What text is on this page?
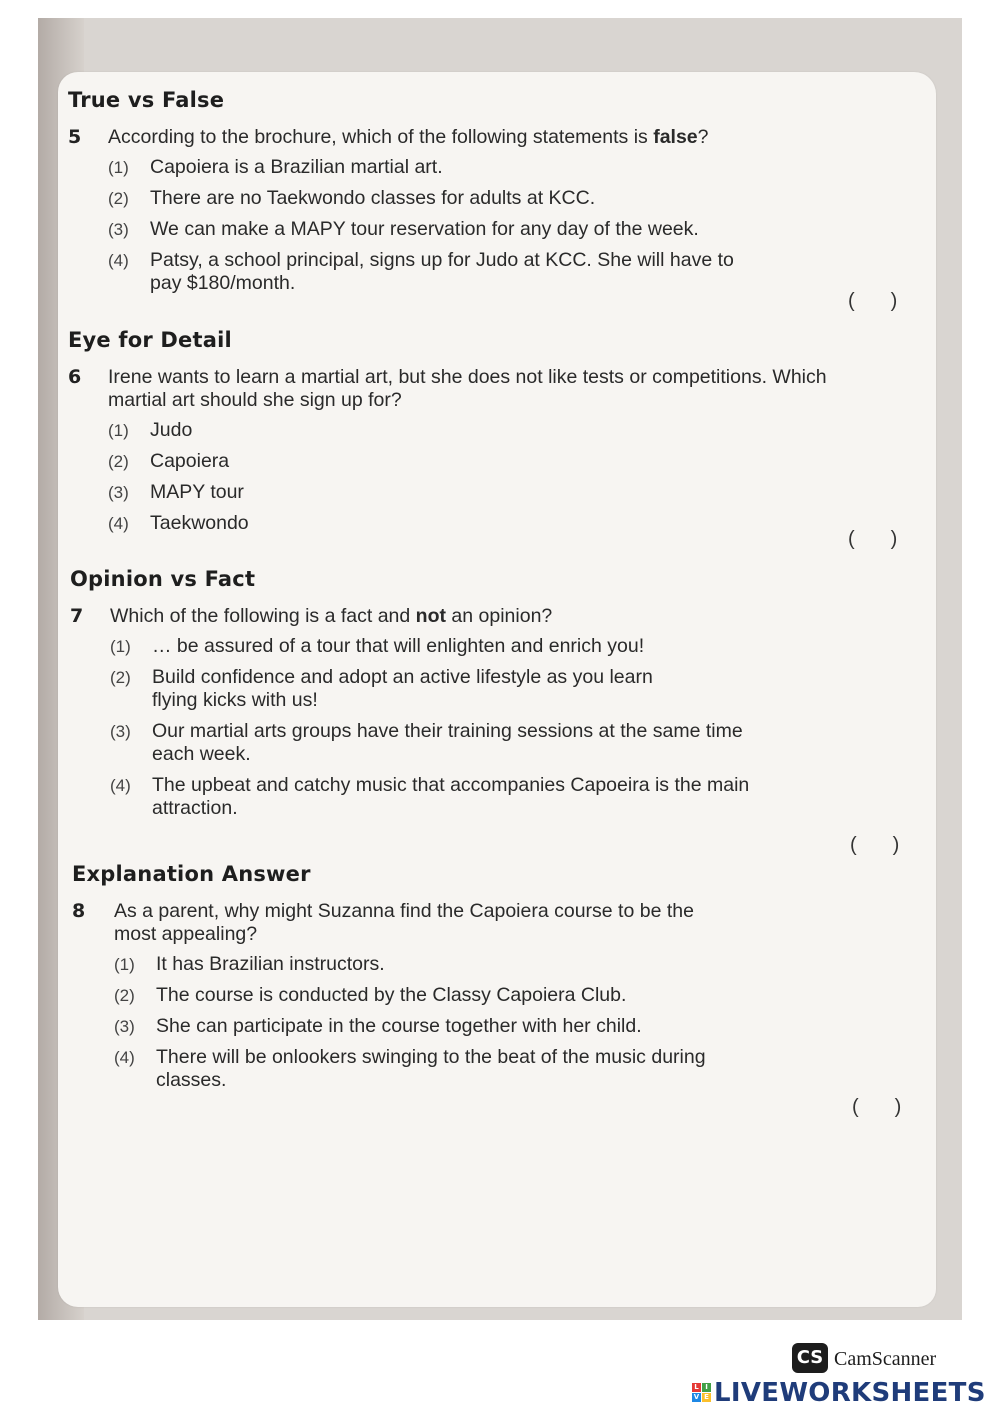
True vs False
5 According to the brochure, which of the following statements is false?
(1) Capoiera is a Brazilian martial art.
(2) There are no Taekwondo classes for adults at KCC.
(3) We can make a MAPY tour reservation for any day of the week.
(4) Patsy, a school principal, signs up for Judo at KCC. She will have to pay $180/month.
( )
Eye for Detail
6 Irene wants to learn a martial art, but she does not like tests or competitions. Which martial art should she sign up for?
(1) Judo
(2) Capoiera
(3) MAPY tour
(4) Taekwondo
( )
Opinion vs Fact
7 Which of the following is a fact and not an opinion?
(1) … be assured of a tour that will enlighten and enrich you!
(2) Build confidence and adopt an active lifestyle as you learn flying kicks with us!
(3) Our martial arts groups have their training sessions at the same time each week.
(4) The upbeat and catchy music that accompanies Capoeira is the main attraction.
( )
Explanation Answer
8 As a parent, why might Suzanna find the Capoiera course to be the most appealing?
(1) It has Brazilian instructors.
(2) The course is conducted by the Classy Capoiera Club.
(3) She can participate in the course together with her child.
(4) There will be onlookers swinging to the beat of the music during classes.
( )
CS CamScanner
L I
V E LIVEWORKSHEETS
